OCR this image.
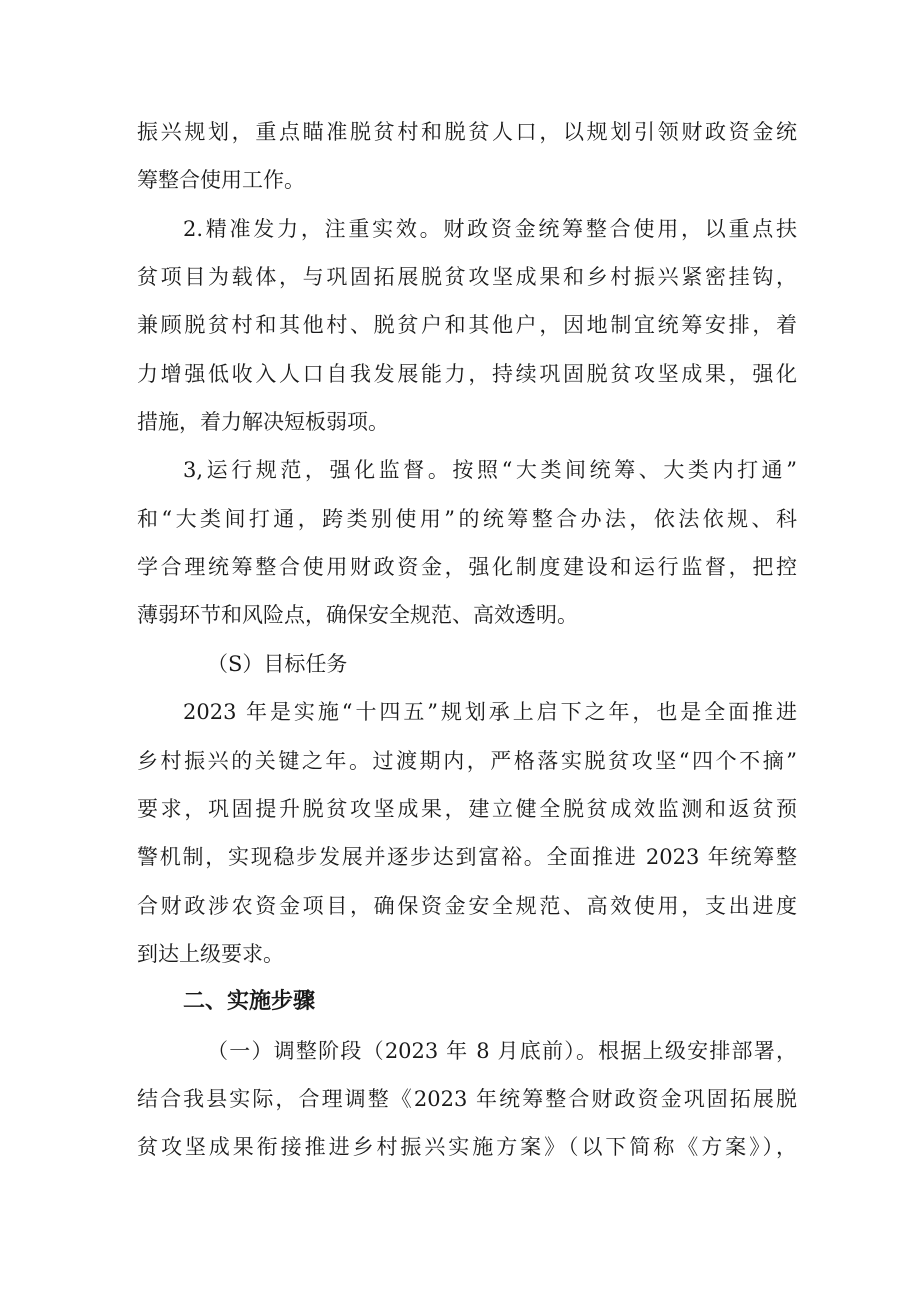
振兴规划，重点瞄准脱贫村和脱贫人口，以规划引领财政资金统
筹整合使用工作。
2.精准发力，注重实效。财政资金统筹整合使用，以重点扶
贫项目为载体，与巩固拓展脱贫攻坚成果和乡村振兴紧密挂钩，
兼顾脱贫村和其他村、脱贫户和其他户，因地制宜统筹安排，着
力增强低收入人口自我发展能力，持续巩固脱贫攻坚成果，强化
措施，着力解决短板弱项。
3,运行规范，强化监督。按照“大类间统筹、大类内打通”
和“大类间打通，跨类别使用”的统筹整合办法，依法依规、科
学合理统筹整合使用财政资金，强化制度建设和运行监督，把控
薄弱环节和风险点，确保安全规范、高效透明。
（S）目标任务
2023 年是实施“十四五”规划承上启下之年，也是全面推进
乡村振兴的关键之年。过渡期内，严格落实脱贫攻坚“四个不摘”
要求，巩固提升脱贫攻坚成果，建立健全脱贫成效监测和返贫预
警机制，实现稳步发展并逐步达到富裕。全面推进 2023 年统筹整
合财政涉农资金项目，确保资金安全规范、高效使用，支出进度
到达上级要求。
二、实施步骤
（一）调整阶段（2023 年 8 月底前）。根据上级安排部署，
结合我县实际，合理调整《2023 年统筹整合财政资金巩固拓展脱
贫攻坚成果衔接推进乡村振兴实施方案》（以下简称《方案》），
